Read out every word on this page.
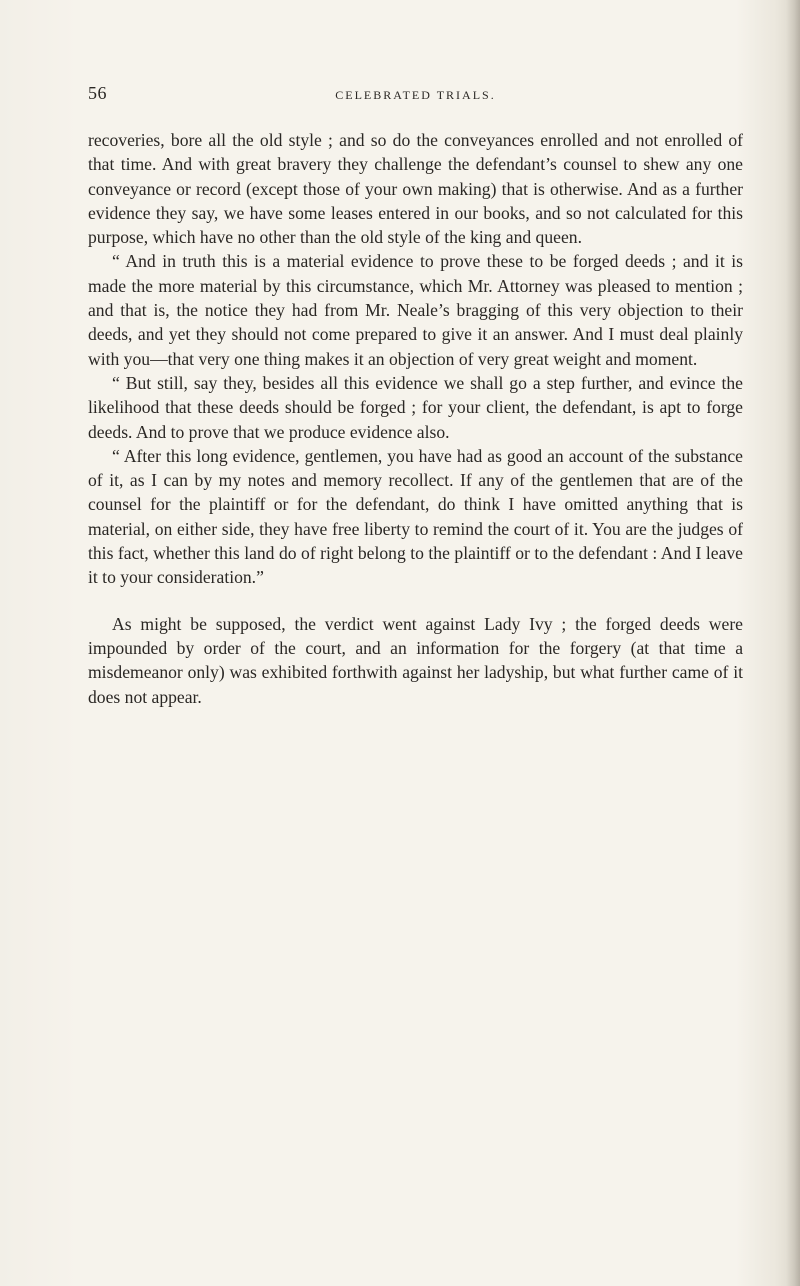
56	CELEBRATED TRIALS.

recoveries, bore all the old style ; and so do the conveyances enrolled and not enrolled of that time. And with great bravery they challenge the defendant’s counsel to shew any one conveyance or record (except those of your own making) that is otherwise. And as a further evidence they say, we have some leases entered in our books, and so not calculated for this purpose, which have no other than the old style of the king and queen.

“ And in truth this is a material evidence to prove these to be forged deeds ; and it is made the more material by this circumstance, which Mr. Attorney was pleased to mention ; and that is, the notice they had from Mr. Neale’s bragging of this very objection to their deeds, and yet they should not come prepared to give it an answer. And I must deal plainly with you—that very one thing makes it an objection of very great weight and moment.

“ But still, say they, besides all this evidence we shall go a step further, and evince the likelihood that these deeds should be forged ; for your client, the defendant, is apt to forge deeds. And to prove that we produce evidence also.

“ After this long evidence, gentlemen, you have had as good an account of the substance of it, as I can by my notes and memory recollect. If any of the gentlemen that are of the counsel for the plaintiff or for the defendant, do think I have omitted anything that is material, on either side, they have free liberty to remind the court of it. You are the judges of this fact, whether this land do of right belong to the plaintiff or to the defendant : And I leave it to your consideration.”

As might be supposed, the verdict went against Lady Ivy ; the forged deeds were impounded by order of the court, and an information for the forgery (at that time a misdemeanor only) was exhibited forthwith against her ladyship, but what further came of it does not appear.
